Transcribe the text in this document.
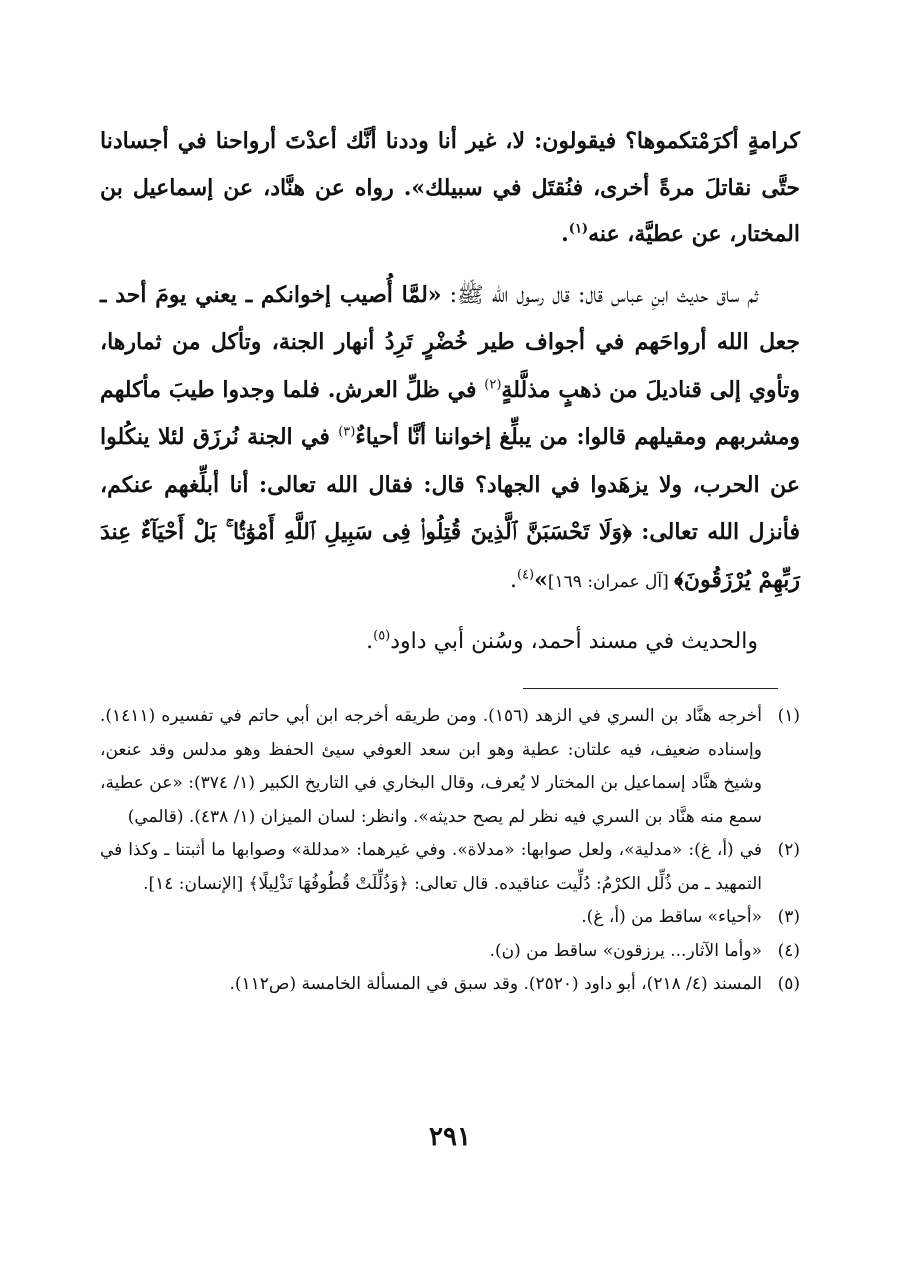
كرامةٍ أكرَمْتكموها؟ فيقولون: لا، غير أنا وددنا أنَّك أعدْتَ أرواحنا في أجسادنا حتَّى نقاتلَ مرةً أخرى، فنُقتَل في سبيلك». رواه عن هنَّاد، عن إسماعيل بن المختار، عن عطيَّة، عنه$^{(١)}$.

ثم ساق حديث ابنِ عباس قال: قال رسول الله ﷺ: «لمَّا أُصيب إخوانكم ـ يعني يومَ أحد ـ جعل الله أرواحَهم في أجواف طير خُضْرٍ تَرِدُ أنهار الجنة، وتأكل من ثمارها، وتأوي إلى قناديلَ من ذهبٍ مذلَّلةٍ$^{(٢)}$ في ظلِّ العرش. فلما وجدوا طيبَ مأكلهم ومشربهم ومقيلهم قالوا: من يبلِّغ إخواننا أنَّا أحياءٌ$^{(٣)}$ في الجنة نُرزَق لئلا ينكُلوا عن الحرب، ولا يزهَدوا في الجهاد؟ قال: فقال الله تعالى: أنا أبلِّغهم عنكم، فأنزل الله تعالى: ﴿وَلَا تَحْسَبَنَّ ٱلَّذِينَ قُتِلُوا۟ فِى سَبِيلِ ٱللَّهِ أَمْوَٰتًۢا ۚ بَلْ أَحْيَآءٌ عِندَ رَبِّهِمْ يُرْزَقُونَ﴾ [آل عمران: ١٦٩]»$^{(٤)}$.

والحديث في مسند أحمد، وسُنن أبي داود$^{(٥)}$.

(١)
أخرجه هنَّاد بن السري في الزهد (١٥٦). ومن طريقه أخرجه ابن أبي حاتم في تفسيره (١٤١١). وإسناده ضعيف، فيه علتان: عطية وهو ابن سعد العوفي سيئ الحفظ وهو مدلس وقد عنعن، وشيخ هنَّاد إسماعيل بن المختار لا يُعرف، وقال البخاري في التاريخ الكبير (١/ ٣٧٤): «عن عطية، سمع منه هنَّاد بن السري فيه نظر لم يصح حديثه». وانظر: لسان الميزان (١/ ٤٣٨). (قالمي)
(٢)
في (أ، غ): «مدلية»، ولعل صوابها: «مدلاة». وفي غيرهما: «مدللة» وصوابها ما أثبتنا ـ وكذا في التمهيد ـ من ذُلِّل الكرْمُ: دُلِّيت عناقيده. قال تعالى: ﴿وَذُلِّلَتْ قُطُوفُهَا تَذْلِيلًا﴾ [الإنسان: ١٤].
(٣)
«أحياء» ساقط من (أ، غ).
(٤)
«وأما الآثار... يرزقون» ساقط من (ن).
(٥)
المسند (٤/ ٢١٨)، أبو داود (٢٥٢٠). وقد سبق في المسألة الخامسة (ص١١٢).
٢٩١
